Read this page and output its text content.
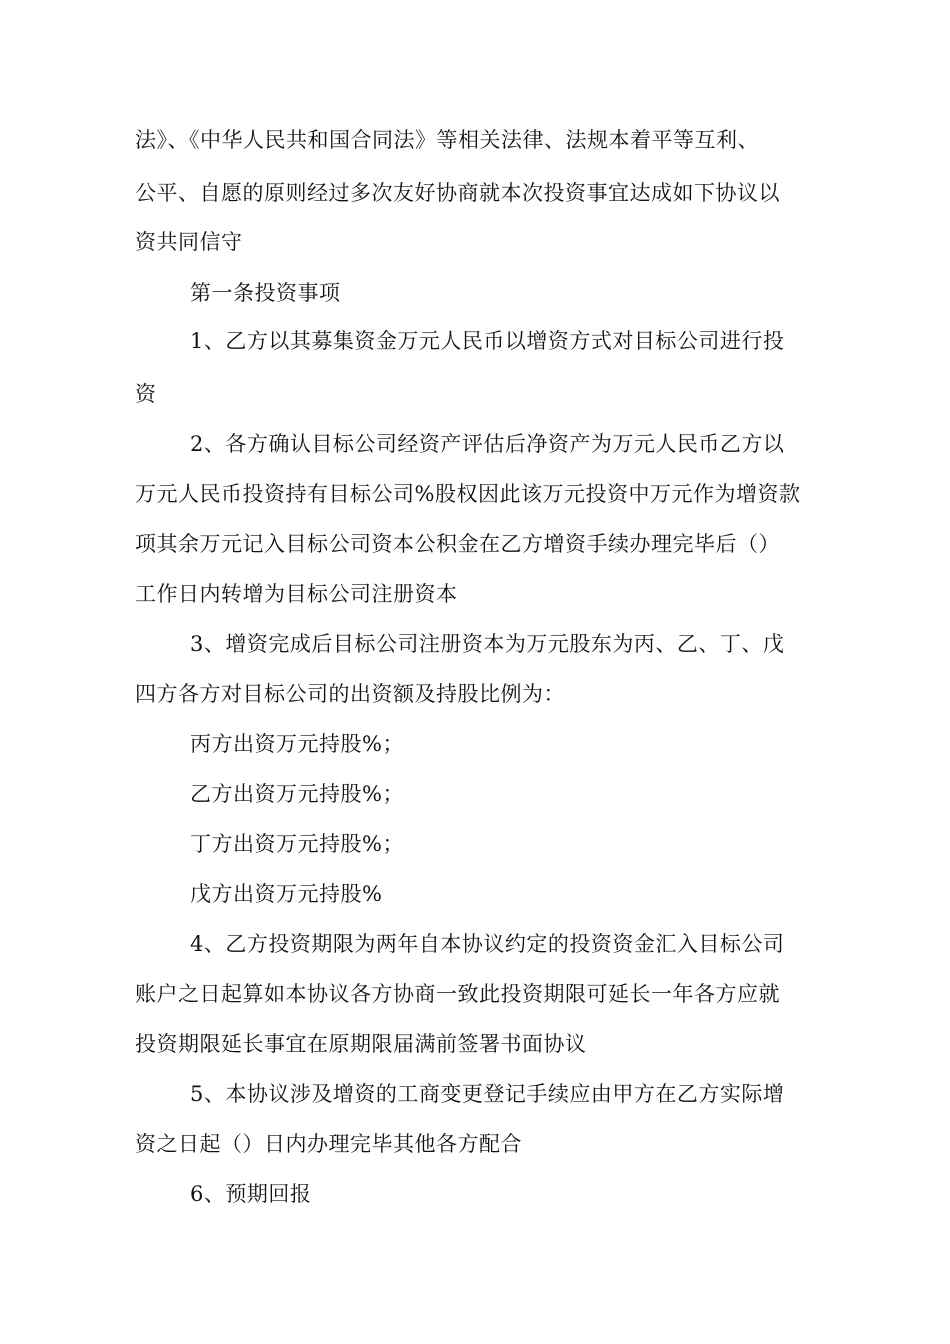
法》、《中华人民共和国合同法》等相关法律、法规本着平等互利、
公平、自愿的原则经过多次友好协商就本次投资事宜达成如下协议以
资共同信守
第一条投资事项
1、乙方以其募集资金万元人民币以增资方式对目标公司进行投
资
2、各方确认目标公司经资产评估后净资产为万元人民币乙方以
万元人民币投资持有目标公司%股权因此该万元投资中万元作为增资款
项其余万元记入目标公司资本公积金在乙方增资手续办理完毕后（）
工作日内转增为目标公司注册资本
3、增资完成后目标公司注册资本为万元股东为丙、乙、丁、戊
四方各方对目标公司的出资额及持股比例为：
丙方出资万元持股%；
乙方出资万元持股%；
丁方出资万元持股%；
戊方出资万元持股%
4、乙方投资期限为两年自本协议约定的投资资金汇入目标公司
账户之日起算如本协议各方协商一致此投资期限可延长一年各方应就
投资期限延长事宜在原期限届满前签署书面协议
5、本协议涉及增资的工商变更登记手续应由甲方在乙方实际增
资之日起（）日内办理完毕其他各方配合
6、预期回报
